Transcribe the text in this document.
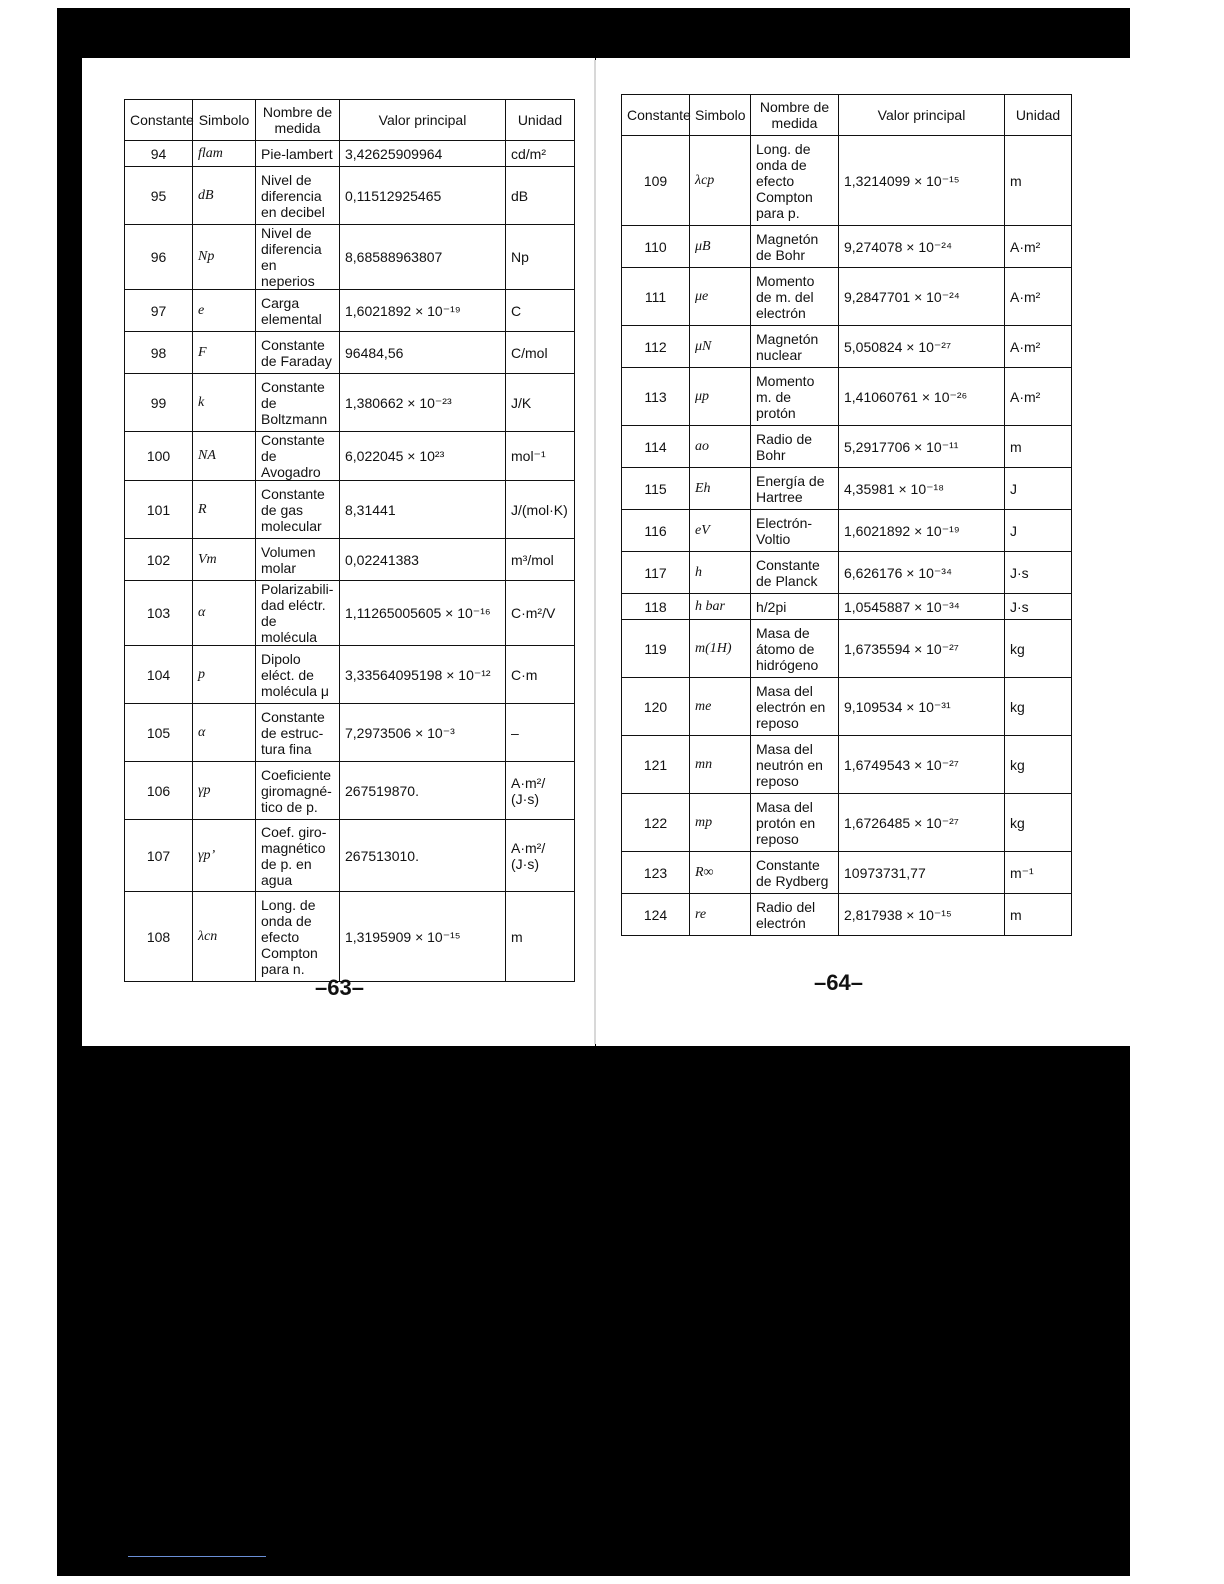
Constante	Simbolo	Nombre de medida	Valor principal	Unidad
94	flam	Pie-lambert	3,42625909964	cd/m²
95	dB	Nivel de diferencia en decibel	0,11512925465	dB
96	Np	Nivel de diferencia en neperios	8,68588963807	Np
97	e	Carga elemental	1,6021892 × 10⁻¹⁹	C
98	F	Constante de Faraday	96484,56	C/mol
99	k	Constante de Boltzmann	1,380662 × 10⁻²³	J/K
100	NA	Constante de Avogadro	6,022045 × 10²³	mol⁻¹
101	R	Constante de gas molecular	8,31441	J/(mol·K)
102	Vm	Volumen molar	0,02241383	m³/mol
103	α	Polarizabili-dad eléctr. de molécula	1,11265005605 × 10⁻¹⁶	C·m²/V
104	p	Dipolo eléct. de molécula μ	3,33564095198 × 10⁻¹²	C·m
105	α	Constante de estruc-tura fina	7,2973506 × 10⁻³	–
106	γp	Coeficiente giromagné-tico de p.	267519870.	A·m²/ (J·s)
107	γp’	Coef. giro-magnético de p. en agua	267513010.	A·m²/ (J·s)
108	λcn	Long. de onda de efecto Compton para n.	1,3195909 × 10⁻¹⁵	m
Constante	Simbolo	Nombre de medida	Valor principal	Unidad
109	λcp	Long. de onda de efecto Compton para p.	1,3214099 × 10⁻¹⁵	m
110	μB	Magnetón de Bohr	9,274078 × 10⁻²⁴	A·m²
111	μe	Momento de m. del electrón	9,2847701 × 10⁻²⁴	A·m²
112	μN	Magnetón nuclear	5,050824 × 10⁻²⁷	A·m²
113	μp	Momento m. de protón	1,41060761 × 10⁻²⁶	A·m²
114	ao	Radio de Bohr	5,2917706 × 10⁻¹¹	m
115	Eh	Energía de Hartree	4,35981 × 10⁻¹⁸	J
116	eV	Electrón-Voltio	1,6021892 × 10⁻¹⁹	J
117	h	Constante de Planck	6,626176 × 10⁻³⁴	J·s
118	h bar	h/2pi	1,0545887 × 10⁻³⁴	J·s
119	m(1H)	Masa de átomo de hidrógeno	1,6735594 × 10⁻²⁷	kg
120	me	Masa del electrón en reposo	9,109534 × 10⁻³¹	kg
121	mn	Masa del neutrón en reposo	1,6749543 × 10⁻²⁷	kg
122	mp	Masa del protón en reposo	1,6726485 × 10⁻²⁷	kg
123	R∞	Constante de Rydberg	10973731,77	m⁻¹
124	re	Radio del electrón	2,817938 × 10⁻¹⁵	m
–63–	–64–
